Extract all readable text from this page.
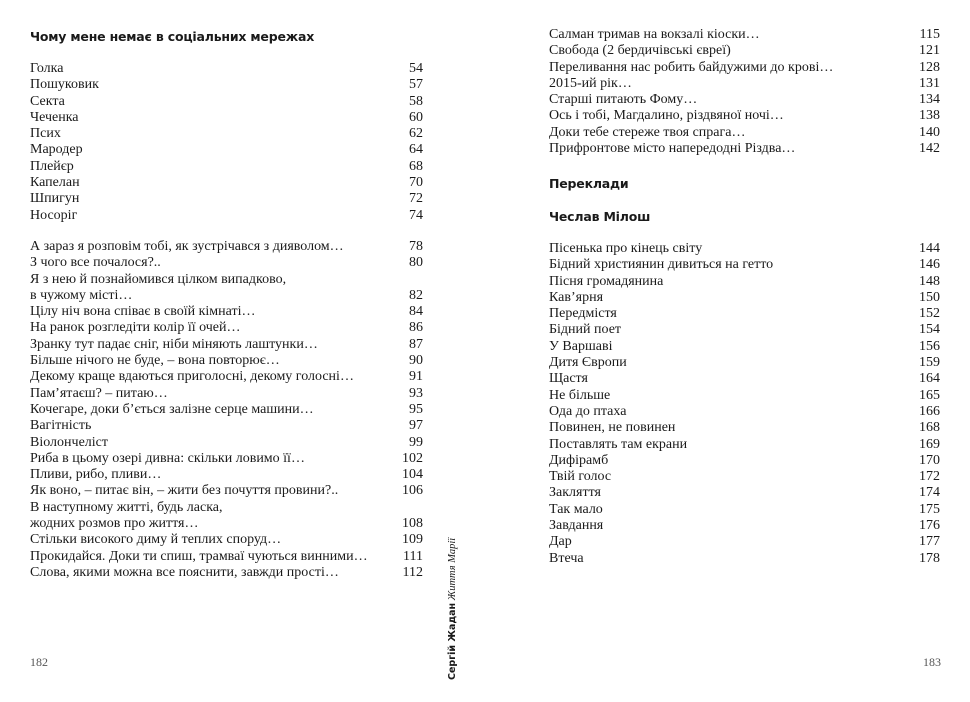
Чому мене немає в соціальних мережах
Голка	54
Пошуковик	57
Секта	58
Чеченка	60
Псих	62
Мародер	64
Плейєр	68
Капелан	70
Шпигун	72
Носоріг	74
А зараз я розповім тобі, як зустрічався з дияволом…	78
З чого все почалося?..	80
Я з нею й познайомився цілком випадково,
в чужому місті…	82
Цілу ніч вона співає в своїй кімнаті…	84
На ранок розгледіти колір її очей…	86
Зранку тут падає сніг, ніби міняють лаштунки…	87
Більше нічого не буде, – вона повторює…	90
Декому краще вдаються приголосні, декому голосні…	91
Пам’ятаєш? – питаю…	93
Кочегаре, доки б’ється залізне серце машини…	95
Вагітність	97
Віолончеліст	99
Риба в цьому озері дивна: скільки ловимо її…	102
Пливи, рибо, пливи…	104
Як воно, – питає він, – жити без почуття провини?..	106
В наступному житті, будь ласка,
жодних розмов про життя…	108
Стільки високого диму й теплих споруд…	109
Прокидайся. Доки ти спиш, трамваї чуються винними…	111
Слова, якими можна все пояснити, завжди прості…	112
182	Сергій Жадан Життя Марії
Салман тримав на вокзалі кіоски…	115
Свобода (2 бердичівські євреї)	121
Переливання нас робить байдужими до крові…	128
2015-ий рік…	131
Старші питають Фому…	134
Ось і тобі, Магдалино, різдвяної ночі…	138
Доки тебе стереже твоя спрага…	140
Прифронтове місто напередодні Різдва…	142
Переклади
Чеслав Мілош
Пісенька про кінець світу	144
Бідний християнин дивиться на гетто	146
Пісня громадянина	148
Кав’ярня	150
Передмістя	152
Бідний поет	154
У Варшаві	156
Дитя Європи	159
Щастя	164
Не більше	165
Ода до птаха	166
Повинен, не повинен	168
Поставлять там екрани	169
Дифірамб	170
Твій голос	172
Закляття	174
Так мало	175
Завдання	176
Дар	177
Втеча	178
183
